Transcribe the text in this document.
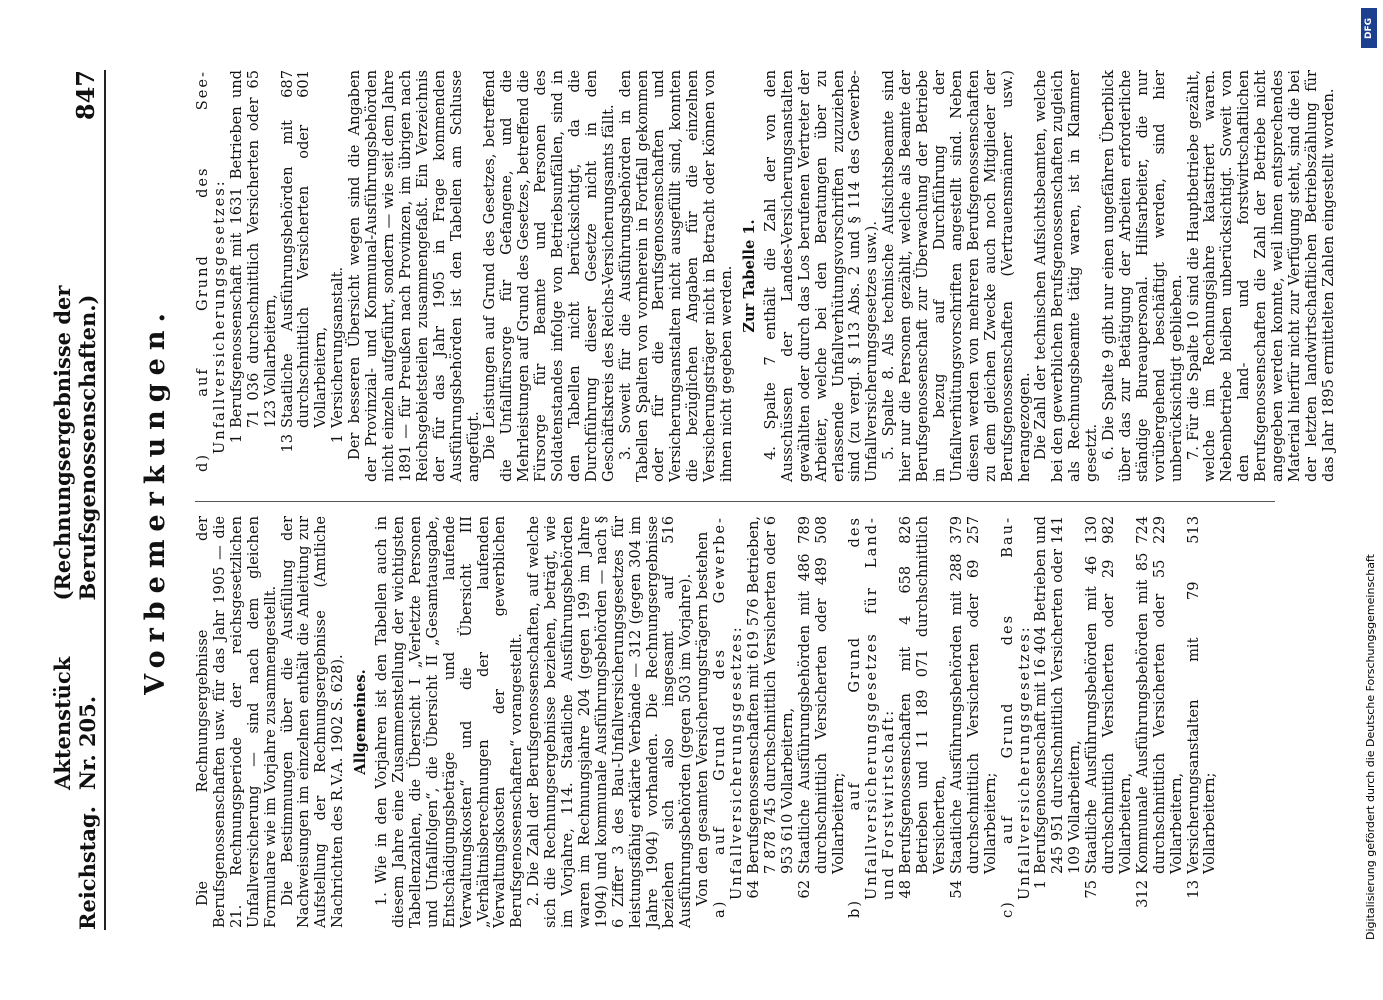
Reichstag.
Aktenstück Nr. 205.
(Rechnungsergebnisse der Berufsgenossenschaften.)
847
Vorbemerkungen.

Die Rechnungsergebnisse der Berufsgenossenschaften usw. für das Jahr 1905 — die 21. Rechnungsperiode der reichsgesetzlichen Unfallversicherung — sind nach dem gleichen Formulare wie im Vorjahre zusammengestellt. Die Bestimmungen über die Ausfüllung der Nachweisungen im einzelnen enthält die Anleitung zur Aufstellung der Rechnungsergebnisse (Amtliche Nachrichten des R.V.A. 1902 S. 628). Allgemeines. 1. Wie in den Vorjahren ist den Tabellen auch in diesem Jahre eine Zusammenstellung der wichtigsten Tabellenzahlen, die Übersicht I „Verletzte Personen und Unfallfolgen“, die Übersicht II „Gesamtausgabe, Entschädigungsbeträge und laufende Verwaltungskosten“ und die Übersicht III „Verhältnisberechnungen der laufenden Verwaltungskosten der gewerblichen Berufsgenossenschaften“ vorangestellt. 2. Die Zahl der Berufsgenossenschaften, auf welche sich die Rechnungsergebnisse beziehen, beträgt, wie im Vorjahre, 114. Staatliche Ausführungsbehörden waren im Rechnungsjahre 204 (gegen 199 im Jahre 1904) und kommunale Ausführungsbehörden — nach § 6 Ziffer 3 des Bau-Unfallversicherungsgesetzes für leistungsfähig erklärte Verbände — 312 (gegen 304 im Jahre 1904) vorhanden. Die Rechnungsergebnisse beziehen sich also insgesamt auf 516 Ausführungsbehörden (gegen 503 im Vorjahre). Von den gesamten Versicherungsträgern bestehen a) auf Grund des Gewerbe-Unfallversicherungsgesetzes: 64
Berufsgenossenschaften mit 619 576 Betrieben, 7 878 745 durchschnittlich Versicherten oder 6 953 610 Vollarbeitern,
62
Staatliche Ausführungsbehörden mit 486 789 durchschnittlich Versicherten oder 489 508 Vollarbeitern; b) auf Grund des Unfallversicherungsgesetzes für Land- und Forstwirtschaft: 48
Berufsgenossenschaften mit 4 658 826 Betrieben und 11 189 071 durchschnittlich Versicherten,
54
Staatliche Ausführungsbehörden mit 288 379 durchschnittlich Versicherten oder 69 257 Vollarbeitern; c) auf Grund des Bau-Unfallversicherungsgesetzes: 1
Berufsgenossenschaft mit 16 404 Betrieben und 245 951 durchschnittlich Versicherten oder 141 109 Vollarbeitern,
75
Staatliche Ausführungsbehörden mit 46 130 durchschnittlich Versicherten oder 29 982 Vollarbeitern,
312
Kommunale Ausführungsbehörden mit 85 724 durchschnittlich Versicherten oder 55 229 Vollarbeitern,
13
Versicherungsanstalten mit 79 513 Vollarbeitern;
d) auf Grund des See-Unfallversicherungsgesetzes: 1
Berufsgenossenschaft mit 1631 Betrieben und 71 036 durchschnittlich Versicherten oder 65 123 Vollarbeitern,
13
Staatliche Ausführungsbehörden mit 687 durchschnittlich Versicherten oder 601 Vollarbeitern,
1
Versicherungsanstalt. Der besseren Übersicht wegen sind die Angaben der Provinzial- und Kommunal-Ausführungsbehörden nicht einzeln aufgeführt, sondern — wie seit dem Jahre 1891 — für Preußen nach Provinzen, im übrigen nach Reichsgebietsteilen zusammengefaßt. Ein Verzeichnis der für das Jahr 1905 in Frage kommenden Ausführungsbehörden ist den Tabellen am Schlusse angefügt. Die Leistungen auf Grund des Gesetzes, betreffend die Unfallfürsorge für Gefangene, und die Mehrleistungen auf Grund des Gesetzes, betreffend die Fürsorge für Beamte und Personen des Soldatenstandes infolge von Betriebsunfällen, sind in den Tabellen nicht berücksichtigt, da die Durchführung dieser Gesetze nicht in den Geschäftskreis des Reichs-Versicherungsamts fällt. 3. Soweit für die Ausführungsbehörden in den Tabellen Spalten von vornherein in Fortfall gekommen oder für die Berufsgenossenschaften und Versicherungsanstalten nicht ausgefüllt sind, konnten die bezüglichen Angaben für die einzelnen Versicherungsträger nicht in Betracht oder können von ihnen nicht gegeben werden. Zur Tabelle 1. 4. Spalte 7 enthält die Zahl der von den Ausschüssen der Landes-Versicherungsanstalten gewählten oder durch das Los berufenen Vertreter der Arbeiter, welche bei den Beratungen über zu erlassende Unfallverhütungsvorschriften zuzuziehen sind (zu vergl. § 113 Abs. 2 und § 114 des Gewerbe-Unfallversicherungsgesetzes usw.). 5. Spalte 8. Als technische Aufsichtsbeamte sind hier nur die Personen gezählt, welche als Beamte der Berufsgenossenschaft zur Überwachung der Betriebe in bezug auf Durchführung der Unfallverhütungsvorschriften angestellt sind. Neben diesen werden von mehreren Berufsgenossenschaften zu dem gleichen Zwecke auch noch Mitglieder der Berufsgenossenschaften (Vertrauensmänner usw.) herangezogen. Die Zahl der technischen Aufsichtsbeamten, welche bei den gewerblichen Berufsgenossenschaften zugleich als Rechnungsbeamte tätig waren, ist in Klammer gesetzt. 6. Die Spalte 9 gibt nur einen ungefähren Überblick über das zur Betätigung der Arbeiten erforderliche ständige Bureaupersonal. Hilfsarbeiter, die nur vorübergehend beschäftigt werden, sind hier unberücksichtigt geblieben. 7. Für die Spalte 10 sind die Hauptbetriebe gezählt, welche im Rechnungsjahre katastriert waren. Nebenbetriebe bleiben unberücksichtigt. Soweit von den land- und forstwirtschaftlichen Berufsgenossenschaften die Zahl der Betriebe nicht angegeben werden konnte, weil ihnen entsprechendes Material hierfür nicht zur Verfügung steht, sind die bei der letzten landwirtschaftlichen Betriebszählung für das Jahr 1895 ermittelten Zahlen eingestellt worden.

DFG
Digitalisierung gefördert durch die Deutsche Forschungsgemeinschaft
